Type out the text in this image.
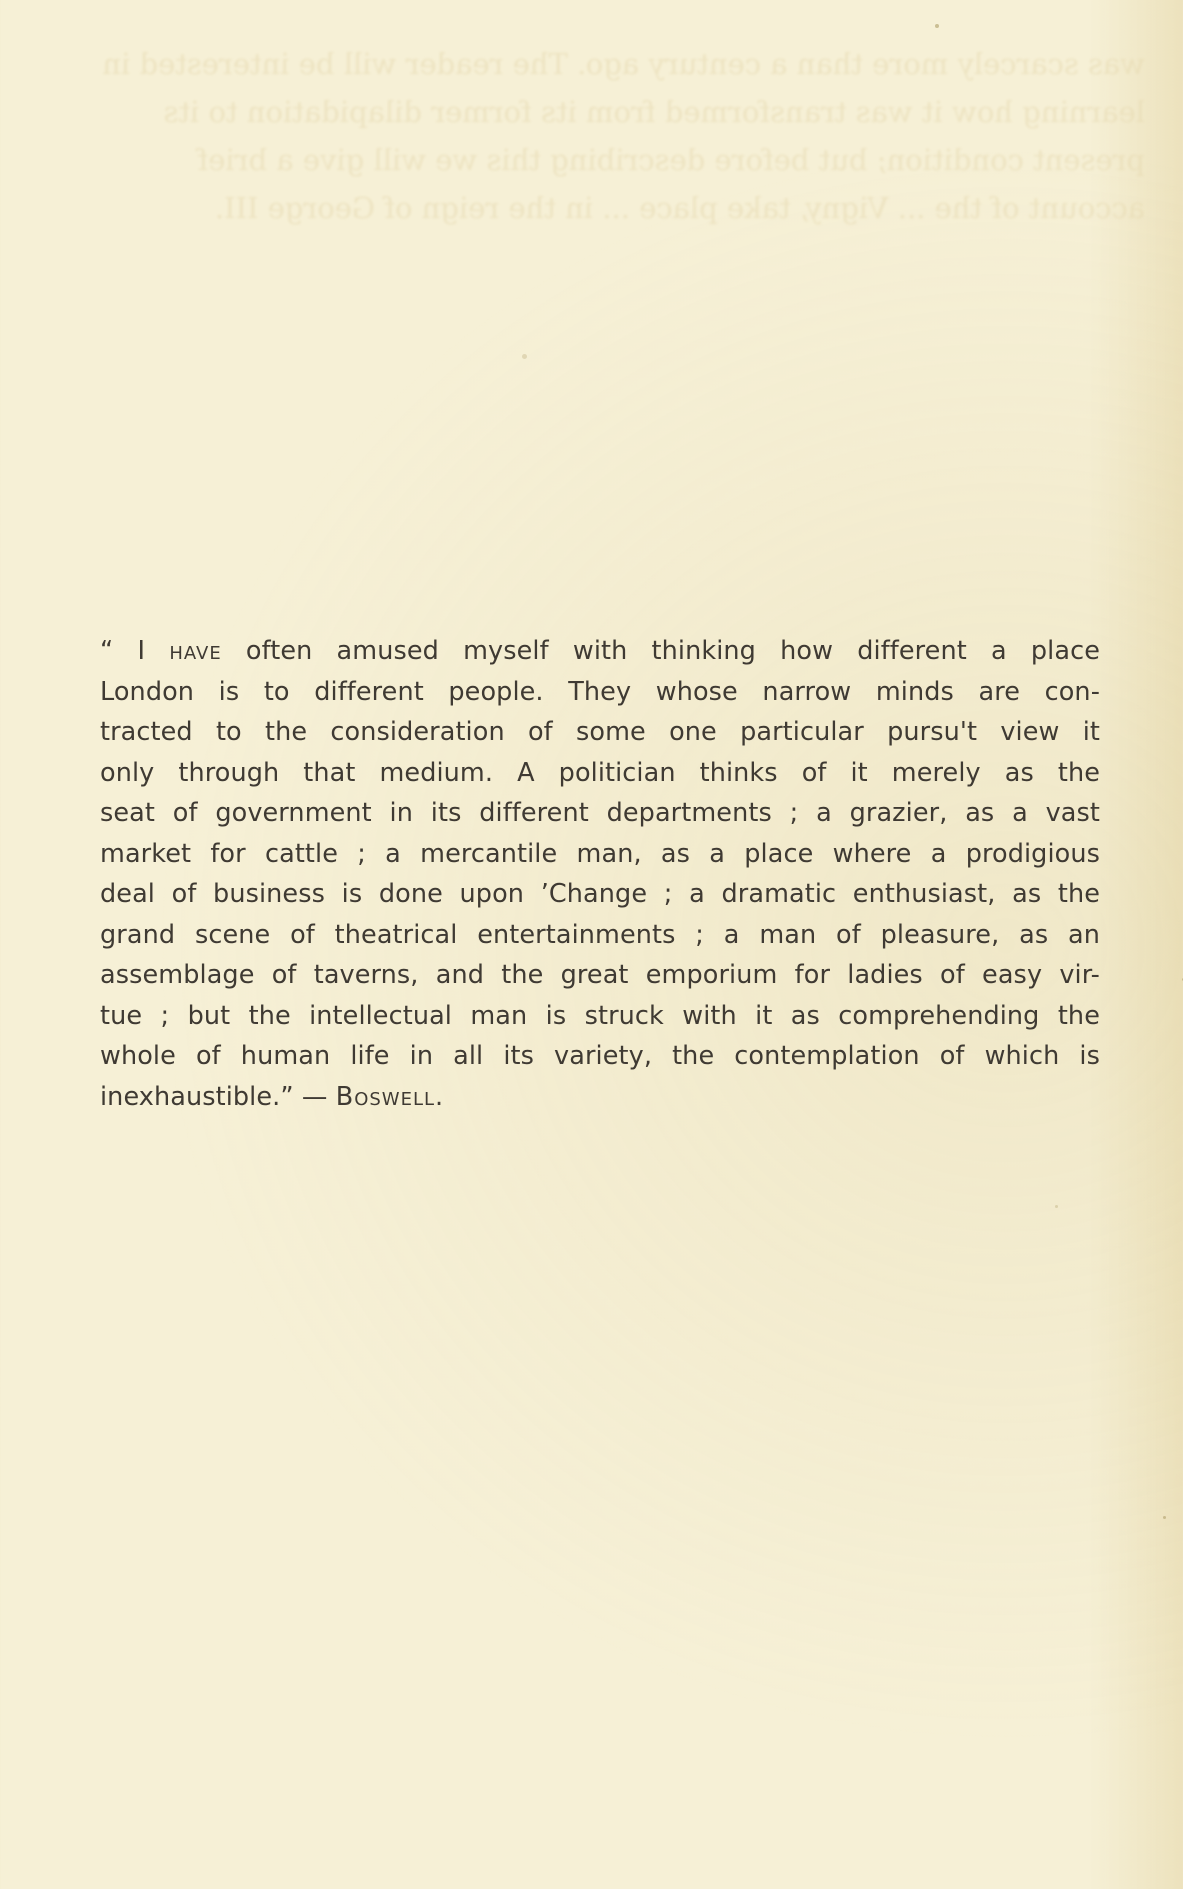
was scarcely more than a century ago. The reader will be interested in learning how it was transformed from its former dilapidation to its present condition; but before describing this we will give a brief account of the ... Vigny, take place ... in the reign of George III.
“ I have often amused myself with thinking how different a place
London is to different people. They whose narrow minds are con-
tracted to the consideration of some one particular pursu't view it
only through that medium. A politician thinks of it merely as the
seat of government in its different departments ; a grazier, as a vast
market for cattle ; a mercantile man, as a place where a prodigious
deal of business is done upon ’Change ; a dramatic enthusiast, as the
grand scene of theatrical entertainments ; a man of pleasure, as an
assemblage of taverns, and the great emporium for ladies of easy vir-
tue ; but the intellectual man is struck with it as comprehending the
whole of human life in all its variety, the contemplation of which is
inexhaustible.” — Boswell.
